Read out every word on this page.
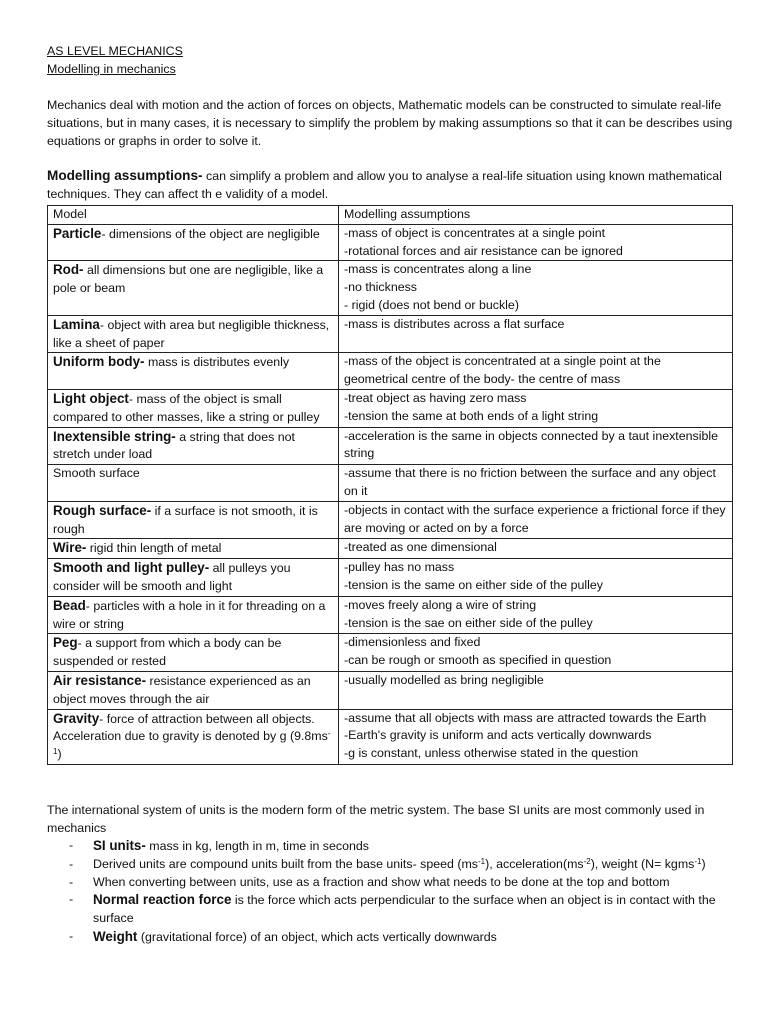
AS LEVEL MECHANICS
Modelling in mechanics
Mechanics deal with motion and the action of forces on objects, Mathematic models can be constructed to simulate real-life situations, but in many cases, it is necessary to simplify the problem by making assumptions so that it can be describes using equations or graphs in order to solve it.
Modelling assumptions- can simplify a problem and allow you to analyse a real-life situation using known mathematical techniques. They can affect th e validity of a model.
Model	Modelling assumptions
Particle- dimensions of the object are negligible	-mass of object is concentrates at a single point
-rotational forces and air resistance can be ignored

Rod- all dimensions but one are negligible, like a pole or beam	-mass is concentrates along a line
-no thickness
- rigid (does not bend or buckle)

Lamina- object with area but negligible thickness, like a sheet of paper	-mass is distributes across a flat surface

Uniform body- mass is distributes evenly	-mass of the object is concentrated at a single point at the geometrical centre of the body- the centre of mass

Light object- mass of the object is small compared to other masses, like a string or pulley	-treat object as having zero mass
-tension the same at both ends of a light string

Inextensible string- a string that does not stretch under load	-acceleration is the same in objects connected by a taut inextensible string

Smooth surface	-assume that there is no friction between the surface and any object on it

Rough surface- if a surface is not smooth, it is rough	-objects in contact with the surface experience a frictional force if they are moving or acted on by a force

Wire- rigid thin length of metal	-treated as one dimensional

Smooth and light pulley- all pulleys you consider will be smooth and light	-pulley has no mass
-tension is the same on either side of the pulley

Bead- particles with a hole in it for threading on a wire or string	-moves freely along a wire of string
-tension is the sae on either side of the pulley

Peg- a support from which a body can be suspended or rested	-dimensionless and fixed
-can be rough or smooth as specified in question

Air resistance- resistance experienced as an object moves through the air	-usually modelled as bring negligible

Gravity- force of attraction between all objects. Acceleration due to gravity is denoted by g $(9.8ms^{-1})$	-assume that all objects with mass are attracted towards the Earth
-Earth's gravity is uniform and acts vertically downwards
-g is constant, unless otherwise stated in the question
The international system of units is the modern form of the metric system. The base SI units are most commonly used in mechanics
- SI units- mass in kg, length in m, time in seconds
- Derived units are compound units built from the base units- speed $(ms^{-1})$, $acceleration(ms^{-2})$, weight (N= kgms$^{-1}$)
- When converting between units, use as a fraction and show what needs to be done at the top and bottom
- Normal reaction force is the force which acts perpendicular to the surface when an object is in contact with the surface
- Weight (gravitational force) of an object, which acts vertically downwards
